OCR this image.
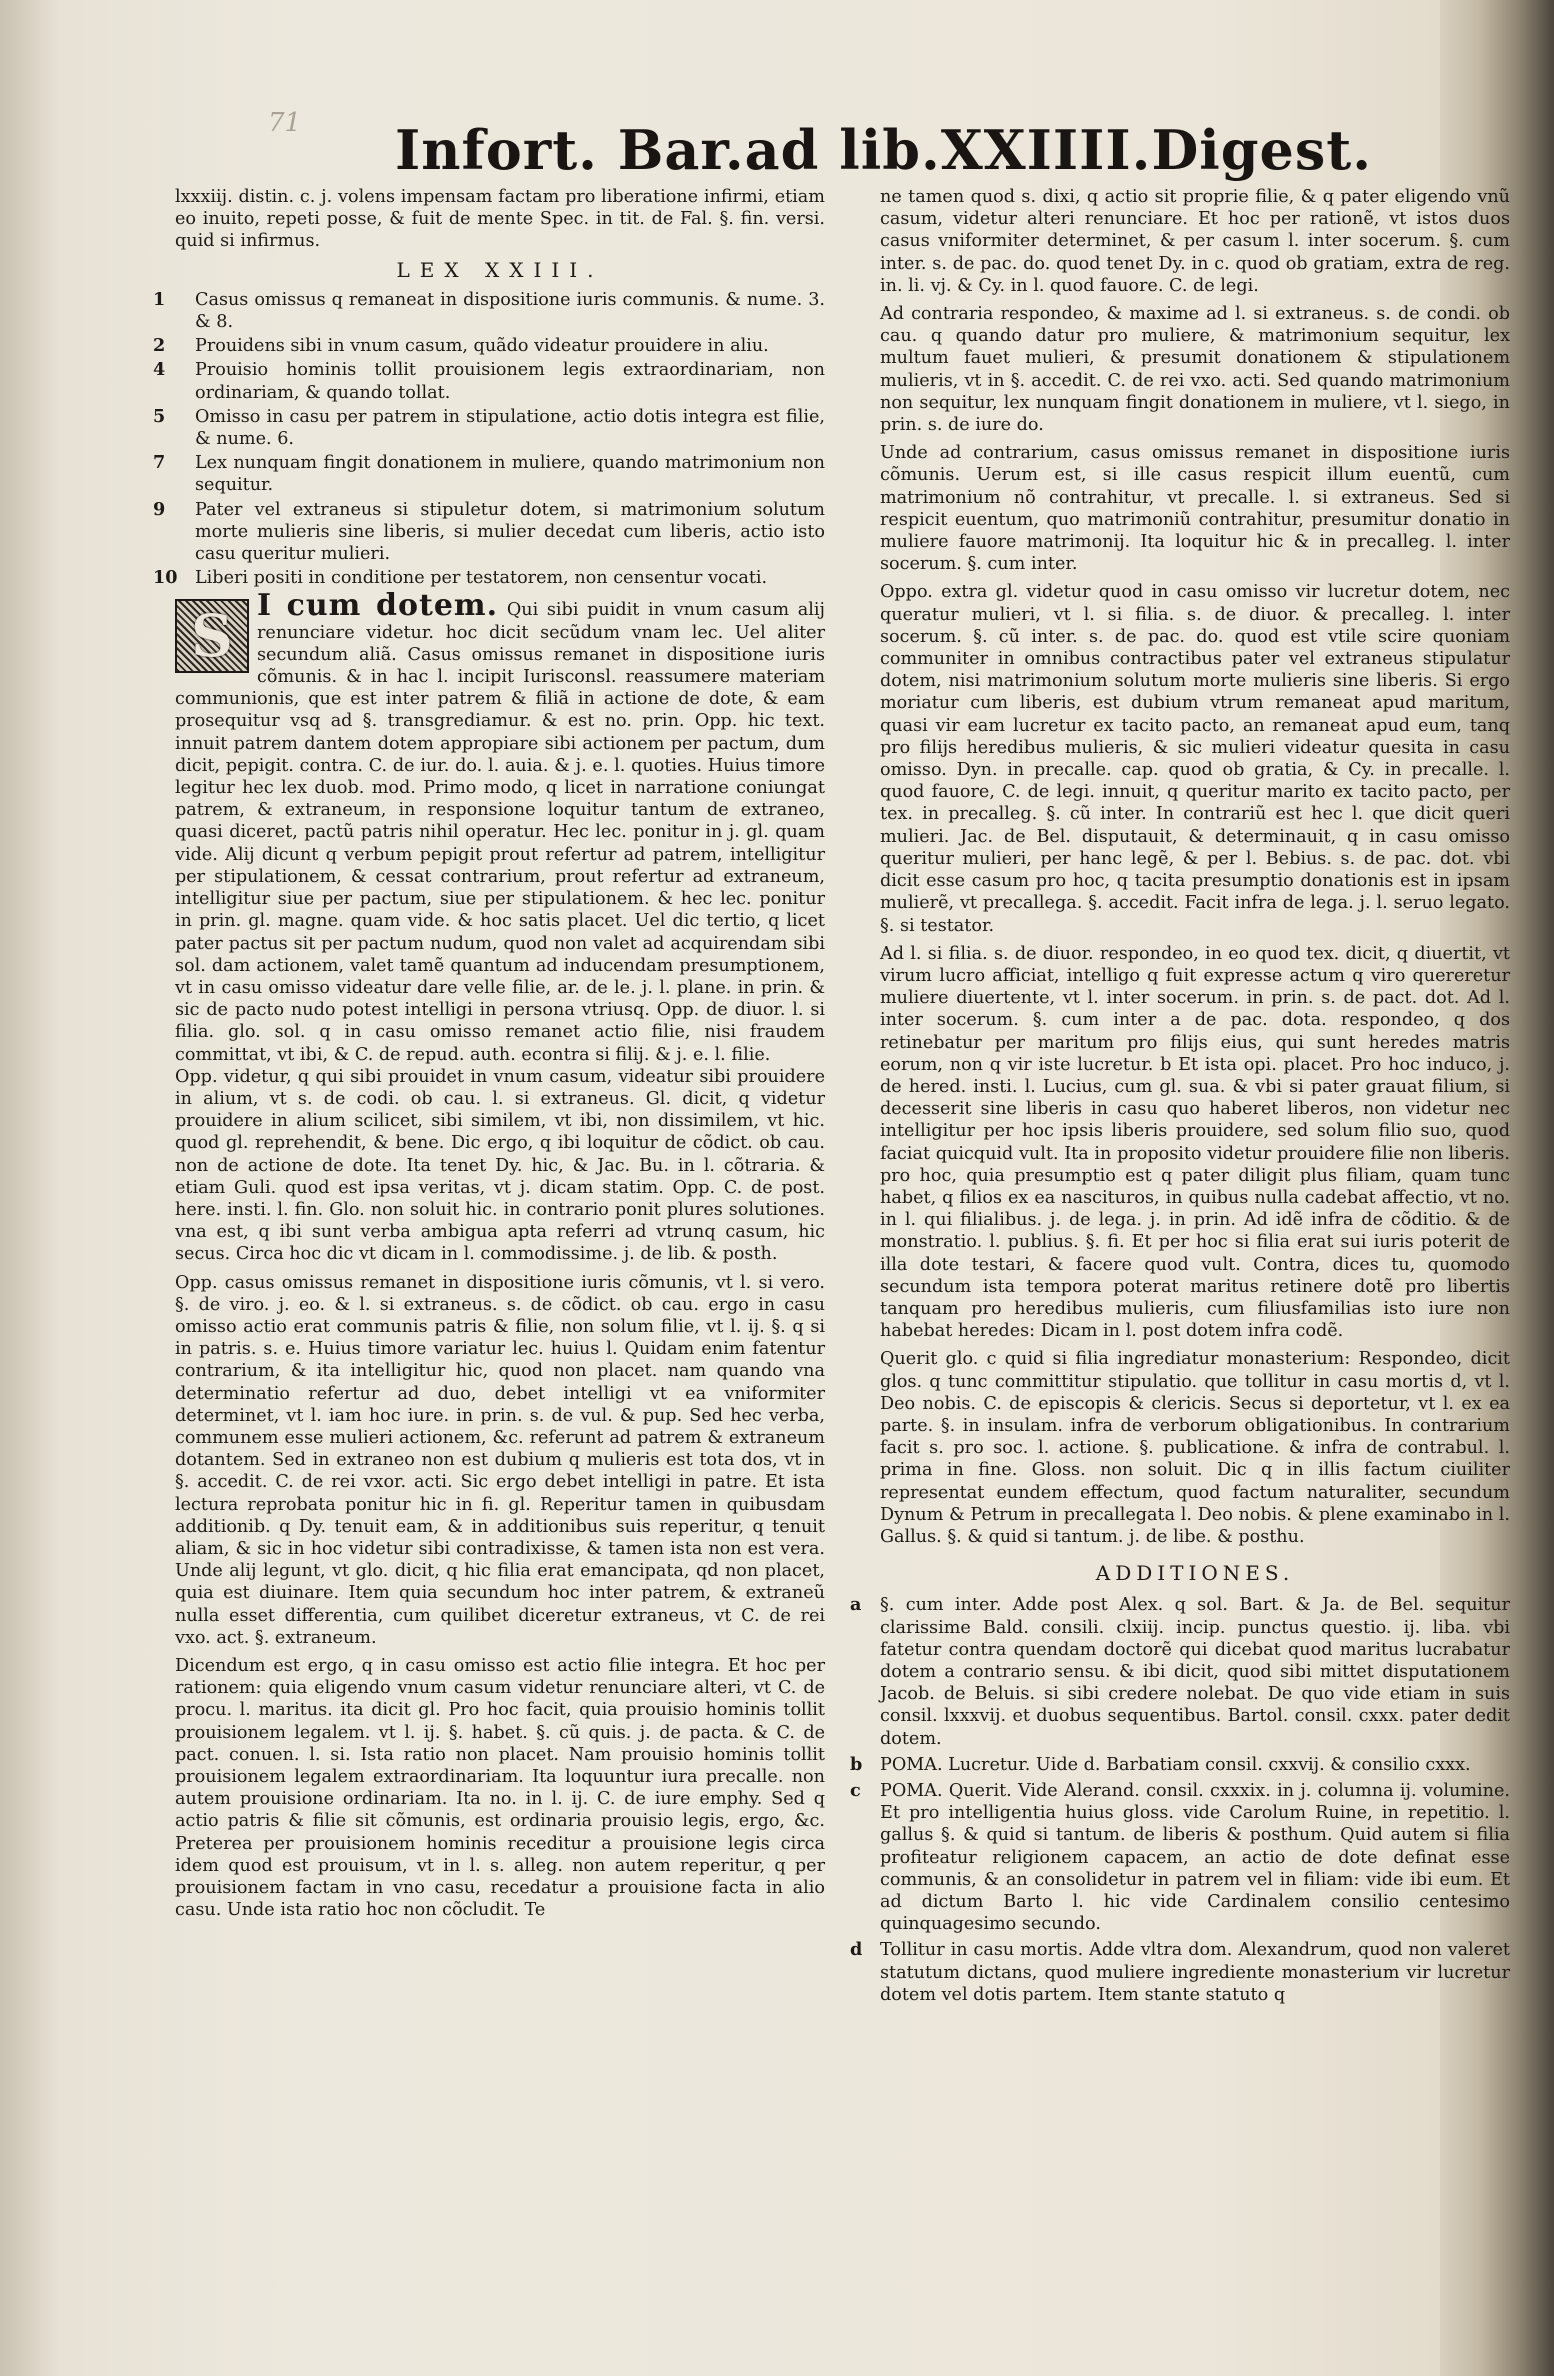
71 Infort. Bar.ad lib.XXIIII.Digest.

lxxxiij. distin. c. j. volens impensam factam pro liberatione infirmi, etiam eo inuito, repeti posse, & fuit de mente Spec. in tit. de Fal. §. fin. versi. quid si infirmus.

LEX XXIII.
1	Casus omissus q remaneat in dispositione iuris communis. & nume. 3. & 8.
2	Prouidens sibi in vnum casum, quãdo videatur prouidere in aliu.
4	Prouisio hominis tollit prouisionem legis extraordinariam, non ordinariam, & quando tollat.
5	Omisso in casu per patrem in stipulatione, actio dotis integra est filie, & nume. 6.
7	Lex nunquam fingit donationem in muliere, quando matrimonium non sequitur.
9	Pater vel extraneus si stipuletur dotem, si matrimonium solutum morte mulieris sine liberis, si mulier decedat cum liberis, actio isto casu queritur mulieri.
10 Liberi positi in conditione per testatorem, non censentur vocati.
S I cum dotem. Qui sibi puidit in vnum casum alij renunciare videtur. hoc dicit secũdum vnam lec. Uel aliter secundum aliã. Casus omissus remanet in dispositione iuris cõmunis. & in hac l. incipit Iurisconsl. reassumere materiam communionis, que est inter patrem & filiã in actione de dote, & eam prosequitur vsq ad §. transgrediamur. & est no. prin. Opp. hic text. innuit patrem dantem dotem appropiare sibi actionem per pactum, dum dicit, pepigit. contra. C. de iur. do. l. auia. & j. e. l. quoties. Huius timore legitur hec lex duob. mod. Primo modo, q licet in narratione coniungat patrem, & extraneum, in responsione loquitur tantum de extraneo, quasi diceret, pactũ patris nihil operatur. Hec lec. ponitur in j. gl. quam vide. Alij dicunt q verbum pepigit prout refertur ad patrem, intelligitur per stipulationem, & cessat contrarium, prout refertur ad extraneum, intelligitur siue per pactum, siue per stipulationem. & hec lec. ponitur in prin. gl. magne. quam vide. & hoc satis placet. Uel dic tertio, q licet pater pactus sit per pactum nudum, quod non valet ad acquirendam sibi sol. dam actionem, valet tamẽ quantum ad inducendam presumptionem, vt in casu omisso videatur dare velle filie, ar. de le. j. l. plane. in prin. & sic de pacto nudo potest intelligi in persona vtriusq. Opp. de diuor. l. si filia. glo. sol. q in casu omisso remanet actio filie, nisi fraudem committat, vt ibi, & C. de repud. auth. econtra si filij. & j. e. l. filie.

Opp. videtur, q qui sibi prouidet in vnum casum, videatur sibi prouidere in alium, vt s. de codi. ob cau. l. si extraneus. Gl. dicit, q videtur prouidere in alium scilicet, sibi similem, vt ibi, non dissimilem, vt hic. quod gl. reprehendit, & bene. Dic ergo, q ibi loquitur de cõdict. ob cau. non de actione de dote. Ita tenet Dy. hic, & Jac. Bu. in l. cõtraria. & etiam Guli. quod est ipsa veritas, vt j. dicam statim. Opp. C. de post. here. insti. l. fin. Glo. non soluit hic. in contrario ponit plures solutiones. vna est, q ibi sunt verba ambigua apta referri ad vtrunq casum, hic secus. Circa hoc dic vt dicam in l. commodissime. j. de lib. & posth.

Opp. casus omissus remanet in dispositione iuris cõmunis, vt l. si vero. §. de viro. j. eo. & l. si extraneus. s. de cõdict. ob cau. ergo in casu omisso actio erat communis patris & filie, non solum filie, vt l. ij. §. q si in patris. s. e. Huius timore variatur lec. huius l. Quidam enim fatentur contrarium, & ita intelligitur hic, quod non placet. nam quando vna determinatio refertur ad duo, debet intelligi vt ea vniformiter determinet, vt l. iam hoc iure. in prin. s. de vul. & pup. Sed hec verba, communem esse mulieri actionem, &c. referunt ad patrem & extraneum dotantem. Sed in extraneo non est dubium q mulieris est tota dos, vt in §. accedit. C. de rei vxor. acti. Sic ergo debet intelligi in patre. Et ista lectura reprobata ponitur hic in fi. gl. Reperitur tamen in quibusdam additionib. q Dy. tenuit eam, & in additionibus suis reperitur, q tenuit aliam, & sic in hoc videtur sibi contradixisse, & tamen ista non est vera. Unde alij legunt, vt glo. dicit, q hic filia erat emancipata, qd non placet, quia est diuinare. Item quia secundum hoc inter patrem, & extraneũ nulla esset differentia, cum quilibet diceretur extraneus, vt C. de rei vxo. act. §. extraneum.

Dicendum est ergo, q in casu omisso est actio filie integra. Et hoc per rationem: quia eligendo vnum casum videtur renunciare alteri, vt C. de procu. l. maritus. ita dicit gl. Pro hoc facit, quia prouisio hominis tollit prouisionem legalem. vt l. ij. §. habet. §. cũ quis. j. de pacta. & C. de pact. conuen. l. si. Ista ratio non placet. Nam prouisio hominis tollit prouisionem legalem extraordinariam. Ita loquuntur iura precalle. non autem prouisione ordinariam. Ita no. in l. ij. C. de iure emphy. Sed q actio patris & filie sit cõmunis, est ordinaria prouisio legis, ergo, &c. Preterea per prouisionem hominis receditur a prouisione legis circa idem quod est prouisum, vt in l. s. alleg. non autem reperitur, q per prouisionem factam in vno casu, recedatur a prouisione facta in alio casu. Unde ista ratio hoc non cõcludit. Te

ne tamen quod s. dixi, q actio sit proprie filie, & q pater eligendo vnũ casum, videtur alteri renunciare. Et hoc per rationẽ, vt istos duos casus vniformiter determinet, & per casum l. inter socerum. §. cum inter. s. de pac. do. quod tenet Dy. in c. quod ob gratiam, extra de reg. in. li. vj. & Cy. in l. quod fauore. C. de legi.

Ad contraria respondeo, & maxime ad l. si extraneus. s. de condi. ob cau. q quando datur pro muliere, & matrimonium sequitur, lex multum fauet mulieri, & presumit donationem & stipulationem mulieris, vt in §. accedit. C. de rei vxo. acti. Sed quando matrimonium non sequitur, lex nunquam fingit donationem in muliere, vt l. siego, in prin. s. de iure do.

Unde ad contrarium, casus omissus remanet in dispositione iuris cõmunis. Uerum est, si ille casus respicit illum euentũ, cum matrimonium nõ contrahitur, vt precalle. l. si extraneus. Sed si respicit euentum, quo matrimoniũ contrahitur, presumitur donatio in muliere fauore matrimonij. Ita loquitur hic & in precalleg. l. inter socerum. §. cum inter.

Oppo. extra gl. videtur quod in casu omisso vir lucretur dotem, nec queratur mulieri, vt l. si filia. s. de diuor. & precalleg. l. inter socerum. §. cũ inter. s. de pac. do. quod est vtile scire quoniam communiter in omnibus contractibus pater vel extraneus stipulatur dotem, nisi matrimonium solutum morte mulieris sine liberis. Si ergo moriatur cum liberis, est dubium vtrum remaneat apud maritum, quasi vir eam lucretur ex tacito pacto, an remaneat apud eum, tanq pro filijs heredibus mulieris, & sic mulieri videatur quesita in casu omisso. Dyn. in precalle. cap. quod ob gratia, & Cy. in precalle. l. quod fauore, C. de legi. innuit, q queritur marito ex tacito pacto, per tex. in precalleg. §. cũ inter. In contrariũ est hec l. que dicit queri mulieri. Jac. de Bel. disputauit, & determinauit, q in casu omisso queritur mulieri, per hanc legẽ, & per l. Bebius. s. de pac. dot. vbi dicit esse casum pro hoc, q tacita presumptio donationis est in ipsam mulierẽ, vt precallega. §. accedit. Facit infra de lega. j. l. seruo legato. §. si testator.

Ad l. si filia. s. de diuor. respondeo, in eo quod tex. dicit, q diuertit, vt virum lucro afficiat, intelligo q fuit expresse actum q viro quereretur muliere diuertente, vt l. inter socerum. in prin. s. de pact. dot. Ad l. inter socerum. §. cum inter a de pac. dota. respondeo, q dos retinebatur per maritum pro filijs eius, qui sunt heredes matris eorum, non q vir iste lucretur. b Et ista opi. placet. Pro hoc induco, j. de hered. insti. l. Lucius, cum gl. sua. & vbi si pater grauat filium, si decesserit sine liberis in casu quo haberet liberos, non videtur nec intelligitur per hoc ipsis liberis prouidere, sed solum filio suo, quod faciat quicquid vult. Ita in proposito videtur prouidere filie non liberis. pro hoc, quia presumptio est q pater diligit plus filiam, quam tunc habet, q filios ex ea nascituros, in quibus nulla cadebat affectio, vt no. in l. qui filialibus. j. de lega. j. in prin. Ad idẽ infra de cõditio. & de monstratio. l. publius. §. fi. Et per hoc si filia erat sui iuris poterit de illa dote testari, & facere quod vult. Contra, dices tu, quomodo secundum ista tempora poterat maritus retinere dotẽ pro libertis tanquam pro heredibus mulieris, cum filiusfamilias isto iure non habebat heredes: Dicam in l. post dotem infra codẽ.

Querit glo. c quid si filia ingrediatur monasterium: Respondeo, dicit glos. q tunc committitur stipulatio. que tollitur in casu mortis d, vt l. Deo nobis. C. de episcopis & clericis. Secus si deportetur, vt l. ex ea parte. §. in insulam. infra de verborum obligationibus. In contrarium facit s. pro soc. l. actione. §. publicatione. & infra de contrabul. l. prima in fine. Gloss. non soluit. Dic q in illis factum ciuiliter representat eundem effectum, quod factum naturaliter, secundum Dynum & Petrum in precallegata l. Deo nobis. & plene examinabo in l. Gallus. §. & quid si tantum. j. de libe. & posthu.

ADDITIONES.
a §. cum inter. Adde post Alex. q sol. Bart. & Ja. de Bel. sequitur clarissime Bald. consili. clxiij. incip. punctus questio. ij. liba. vbi fatetur contra quendam doctorẽ qui dicebat quod maritus lucrabatur dotem a contrario sensu. & ibi dicit, quod sibi mittet disputationem Jacob. de Beluis. si sibi credere nolebat. De quo vide etiam in suis consil. lxxxvij. et duobus sequentibus. Bartol. consil. cxxx. pater dedit dotem.
b POMA. Lucretur. Uide d. Barbatiam consil. cxxvij. & consilio cxxx.
c POMA. Querit. Vide Alerand. consil. cxxxix. in j. columna ij. volumine. Et pro intelligentia huius gloss. vide Carolum Ruine, in repetitio. l. gallus §. & quid si tantum. de liberis & posthum. Quid autem si filia profiteatur religionem capacem, an actio de dote definat esse communis, & an consolidetur in patrem vel in filiam: vide ibi eum. Et ad dictum Barto l. hic vide Cardinalem consilio centesimo quinquagesimo secundo.
d Tollitur in casu mortis. Adde vltra dom. Alexandrum, quod non valeret statutum dictans, quod muliere ingrediente monasterium vir lucretur dotem vel dotis partem. Item stante statuto q
